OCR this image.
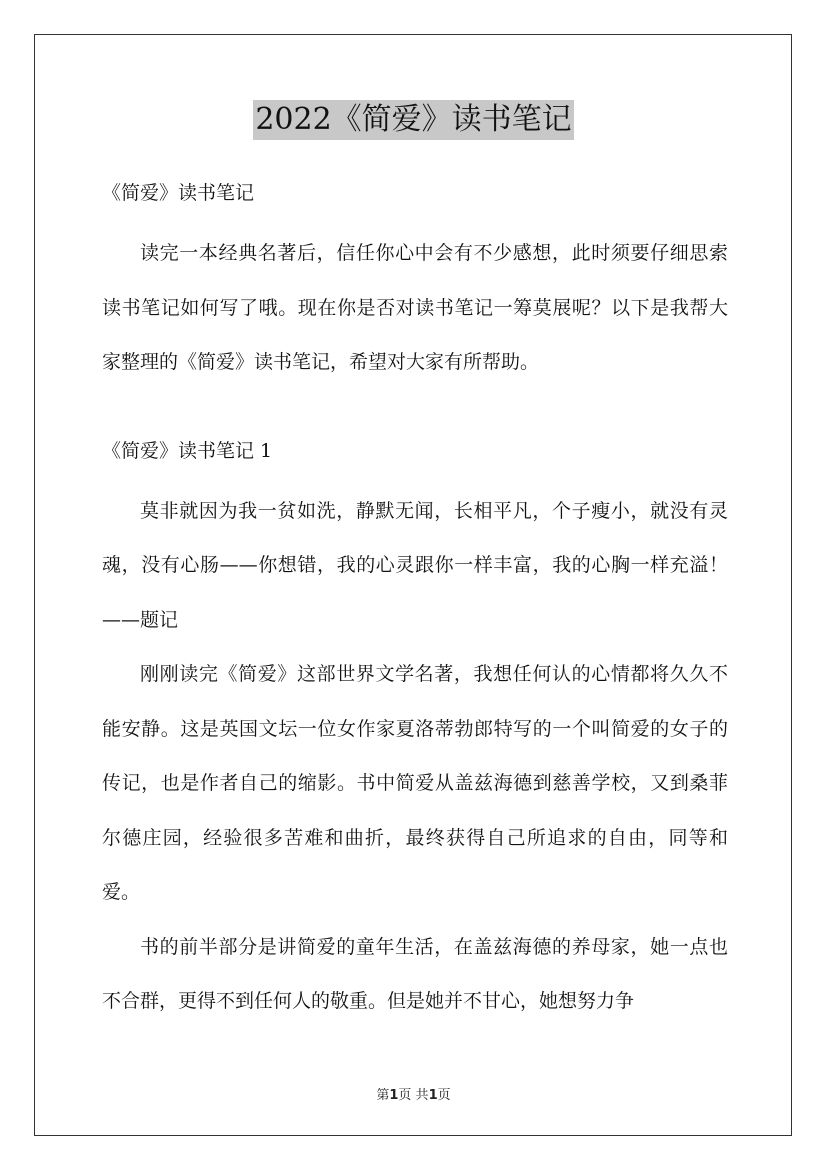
2022《简爱》读书笔记

《简爱》读书笔记

读完一本经典名著后，信任你心中会有不少感想，此时须要仔细思索读书笔记如何写了哦。现在你是否对读书笔记一筹莫展呢？以下是我帮大家整理的《简爱》读书笔记，希望对大家有所帮助。

《简爱》读书笔记 1

莫非就因为我一贫如洗，静默无闻，长相平凡，个子瘦小，就没有灵魂，没有心肠——你想错，我的心灵跟你一样丰富，我的心胸一样充溢！——题记

刚刚读完《简爱》这部世界文学名著，我想任何认的心情都将久久不能安静。这是英国文坛一位女作家夏洛蒂勃郎特写的一个叫简爱的女子的传记，也是作者自己的缩影。书中简爱从盖兹海德到慈善学校，又到桑菲尔德庄园，经验很多苦难和曲折，最终获得自己所追求的自由，同等和爱。

书的前半部分是讲简爱的童年生活，在盖兹海德的养母家，她一点也不合群，更得不到任何人的敬重。但是她并不甘心，她想努力争

第1页 共1页
